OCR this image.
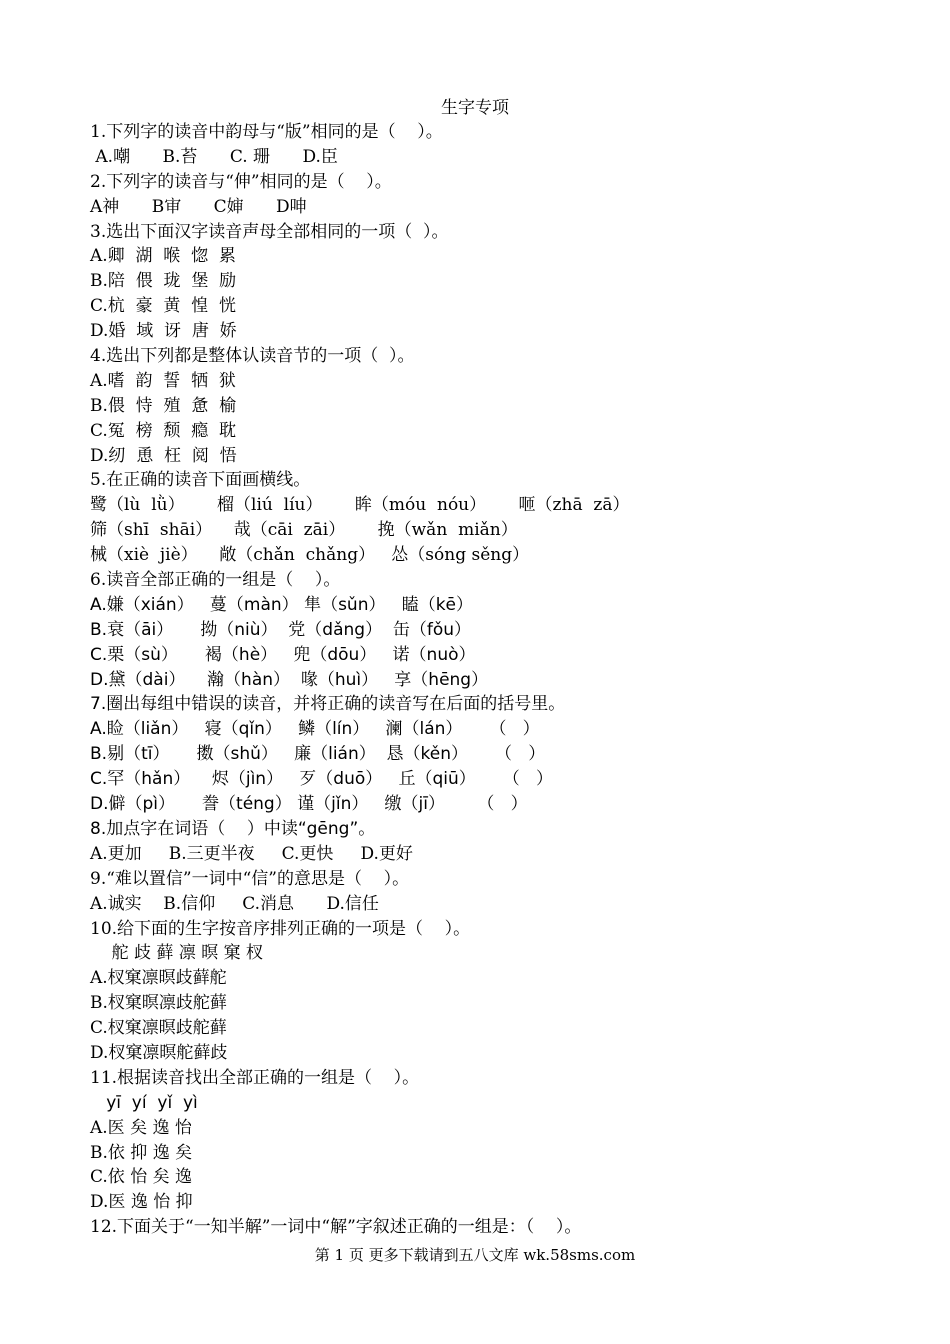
生字专项
1.下列字的读音中韵母与“版”相同的是（    ）。
A.嘲      B.苔      C. 珊      D.臣
2.下列字的读音与“伸”相同的是（    ）。
A神      B审      C婶      D呻
3.选出下面汉字读音声母全部相同的一项（  ）。
A.卿  湖  喉  惚  累
B.陪  偎  珑  堡  励
C.杭  豪  黄  惶  恍
D.婚  域  讶  唐  娇
4.选出下列都是整体认读音节的一项（  ）。
A.嗜  韵  誓  牺  狱
B.偎  恃  殖  惫  榆
C.冤  榜  颓  瘾  耽
D.纫  恿  枉  阅  悟
5.在正确的读音下面画横线。
鹭（lù  lǜ）      榴（liú  líu）      眸（móu  nóu）      咂（zhā  zā）
筛（shī  shāi）    哉（cāi  zāi）      挽（wǎn  miǎn）
械（xiè  jiè）    敞（chǎn  chǎng）   怂（sóng sěng）
6.读音全部正确的一组是（    ）。
A.嫌（xián）   蔓（màn） 隼（sǔn）   瞌（kē）
B.衰（āi）     拗（niù）  党（dǎng）  缶（fǒu）
C.栗（sù）     褐（hè）   兜（dōu）   诺（nuò）
D.黛（dài）    瀚（hàn）  喙（huì）   享（hēng）
7.圈出每组中错误的读音，并将正确的读音写在后面的括号里。
A.睑（liǎn）   寝（qǐn）   鳞（lín）   澜（lán）     （   ）
B.剔（tī）     擞（shǔ）   廉（lián）  恳（kěn）     （   ）
C.罕（hǎn）    烬（jìn）   歹（duō）   丘（qiū）     （   ）
D.僻（pì）     誊（téng） 谨（jǐn）   缴（jī）      （   ）
8.加点字在词语（    ）中读“gēng”。
A.更加     B.三更半夜     C.更快     D.更好
9.“难以置信”一词中“信”的意思是（    ）。
A.诚实    B.信仰     C.消息      D.信任
10.给下面的生字按音序排列正确的一项是（    ）。
舵 歧 藓 凛 暝 窠 杈
A.杈窠凛暝歧藓舵
B.杈窠暝凛歧舵藓
C.杈窠凛暝歧舵藓
D.杈窠凛暝舵藓歧
11.根据读音找出全部正确的一组是（    ）。
yī  yí  yǐ  yì
A.医 矣 逸 怡
B.依 抑 逸 矣
C.依 怡 矣 逸
D.医 逸 怡 抑
12.下面关于“一知半解”一词中“解”字叙述正确的一组是：（    ）。
第 1 页 更多下载请到五八文库 wk.58sms.com
